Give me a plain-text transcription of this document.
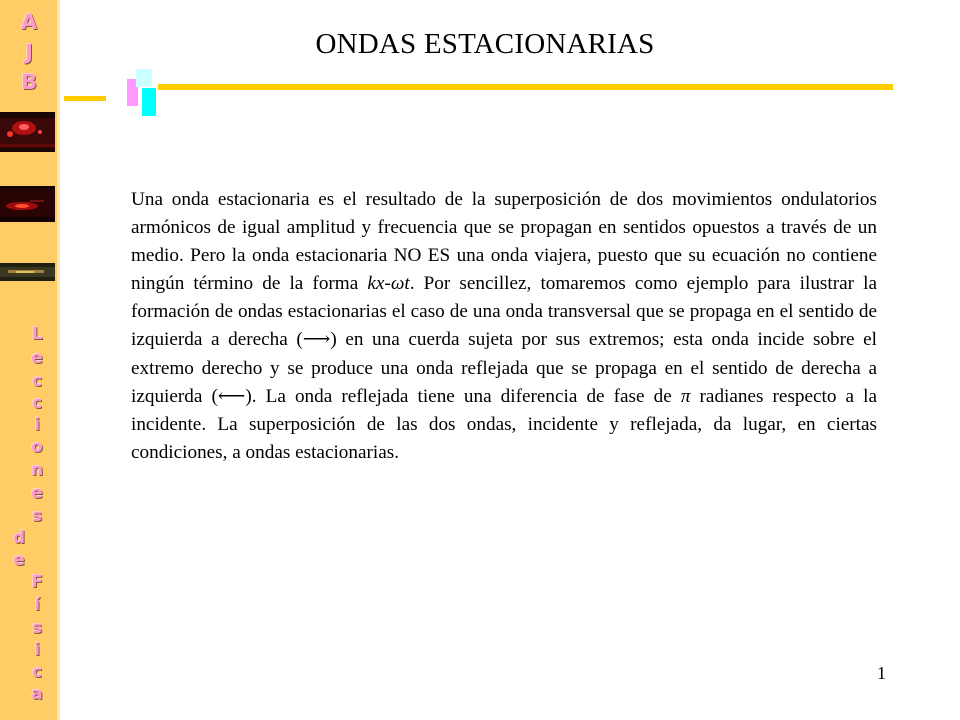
A
J
B
L
e
c
c
i
o
n
e
s
d
e
F
í
s
i
c
a
ONDAS ESTACIONARIAS

Una onda estacionaria es el resultado de la superposición de dos movimientos ondulatorios armónicos de igual amplitud y frecuencia que se propagan en sentidos opuestos a través de un medio. Pero la onda estacionaria NO ES una onda viajera, puesto que su ecuación no contiene ningún término de la forma kx-ωt. Por sencillez, tomaremos como ejemplo para ilustrar la formación de ondas estacionarias el caso de una onda transversal que se propaga en el sentido de izquierda a derecha (⟶) en una cuerda sujeta por sus extremos; esta onda incide sobre el extremo derecho y se produce una onda reflejada que se propaga en el sentido de derecha a izquierda (⟵). La onda reflejada tiene una diferencia de fase de π radianes respecto a la incidente. La superposición de las dos ondas, incidente y reflejada, da lugar, en ciertas condiciones, a ondas estacionarias.

1
